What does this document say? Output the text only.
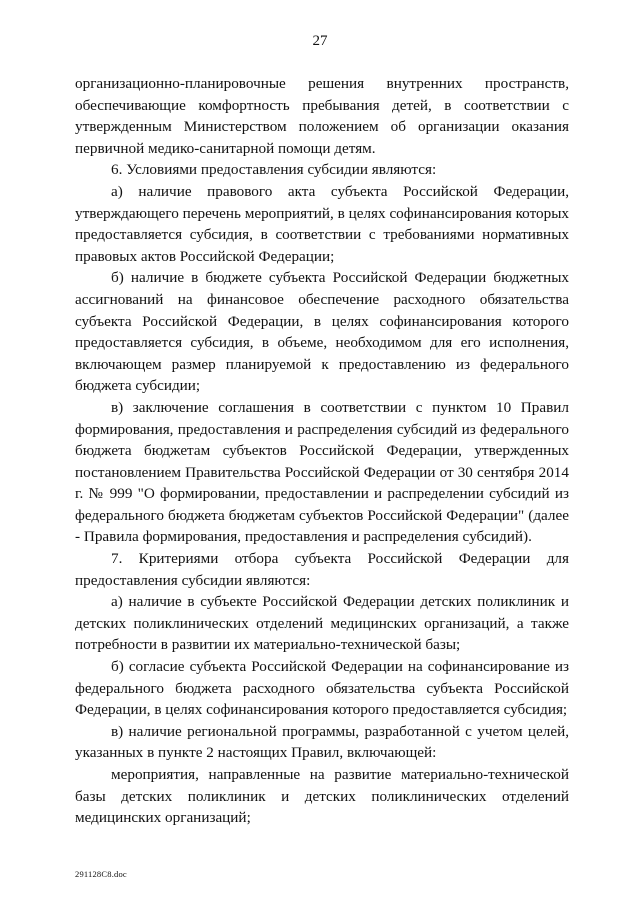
27

организационно-планировочные решения внутренних пространств, обеспечивающие комфортность пребывания детей, в соответствии с утвержденным Министерством положением об организации оказания первичной медико-санитарной помощи детям.

6. Условиями предоставления субсидии являются:

а) наличие правового акта субъекта Российской Федерации, утверждающего перечень мероприятий, в целях софинансирования которых предоставляется субсидия, в соответствии с требованиями нормативных правовых актов Российской Федерации;

б) наличие в бюджете субъекта Российской Федерации бюджетных ассигнований на финансовое обеспечение расходного обязательства субъекта Российской Федерации, в целях софинансирования которого предоставляется субсидия, в объеме, необходимом для его исполнения, включающем размер планируемой к предоставлению из федерального бюджета субсидии;

в) заключение соглашения в соответствии с пунктом 10 Правил формирования, предоставления и распределения субсидий из федерального бюджета бюджетам субъектов Российской Федерации, утвержденных постановлением Правительства Российской Федерации от 30 сентября 2014 г. № 999 "О формировании, предоставлении и распределении субсидий из федерального бюджета бюджетам субъектов Российской Федерации" (далее - Правила формирования, предоставления и распределения субсидий).

7. Критериями отбора субъекта Российской Федерации для предоставления субсидии являются:

а) наличие в субъекте Российской Федерации детских поликлиник и детских поликлинических отделений медицинских организаций, а также потребности в развитии их материально-технической базы;

б) согласие субъекта Российской Федерации на софинансирование из федерального бюджета расходного обязательства субъекта Российской Федерации, в целях софинансирования которого предоставляется субсидия;

в) наличие региональной программы, разработанной с учетом целей, указанных в пункте 2 настоящих Правил, включающей:

мероприятия, направленные на развитие материально-технической базы детских поликлиник и детских поликлинических отделений медицинских организаций;

291128C8.doc
